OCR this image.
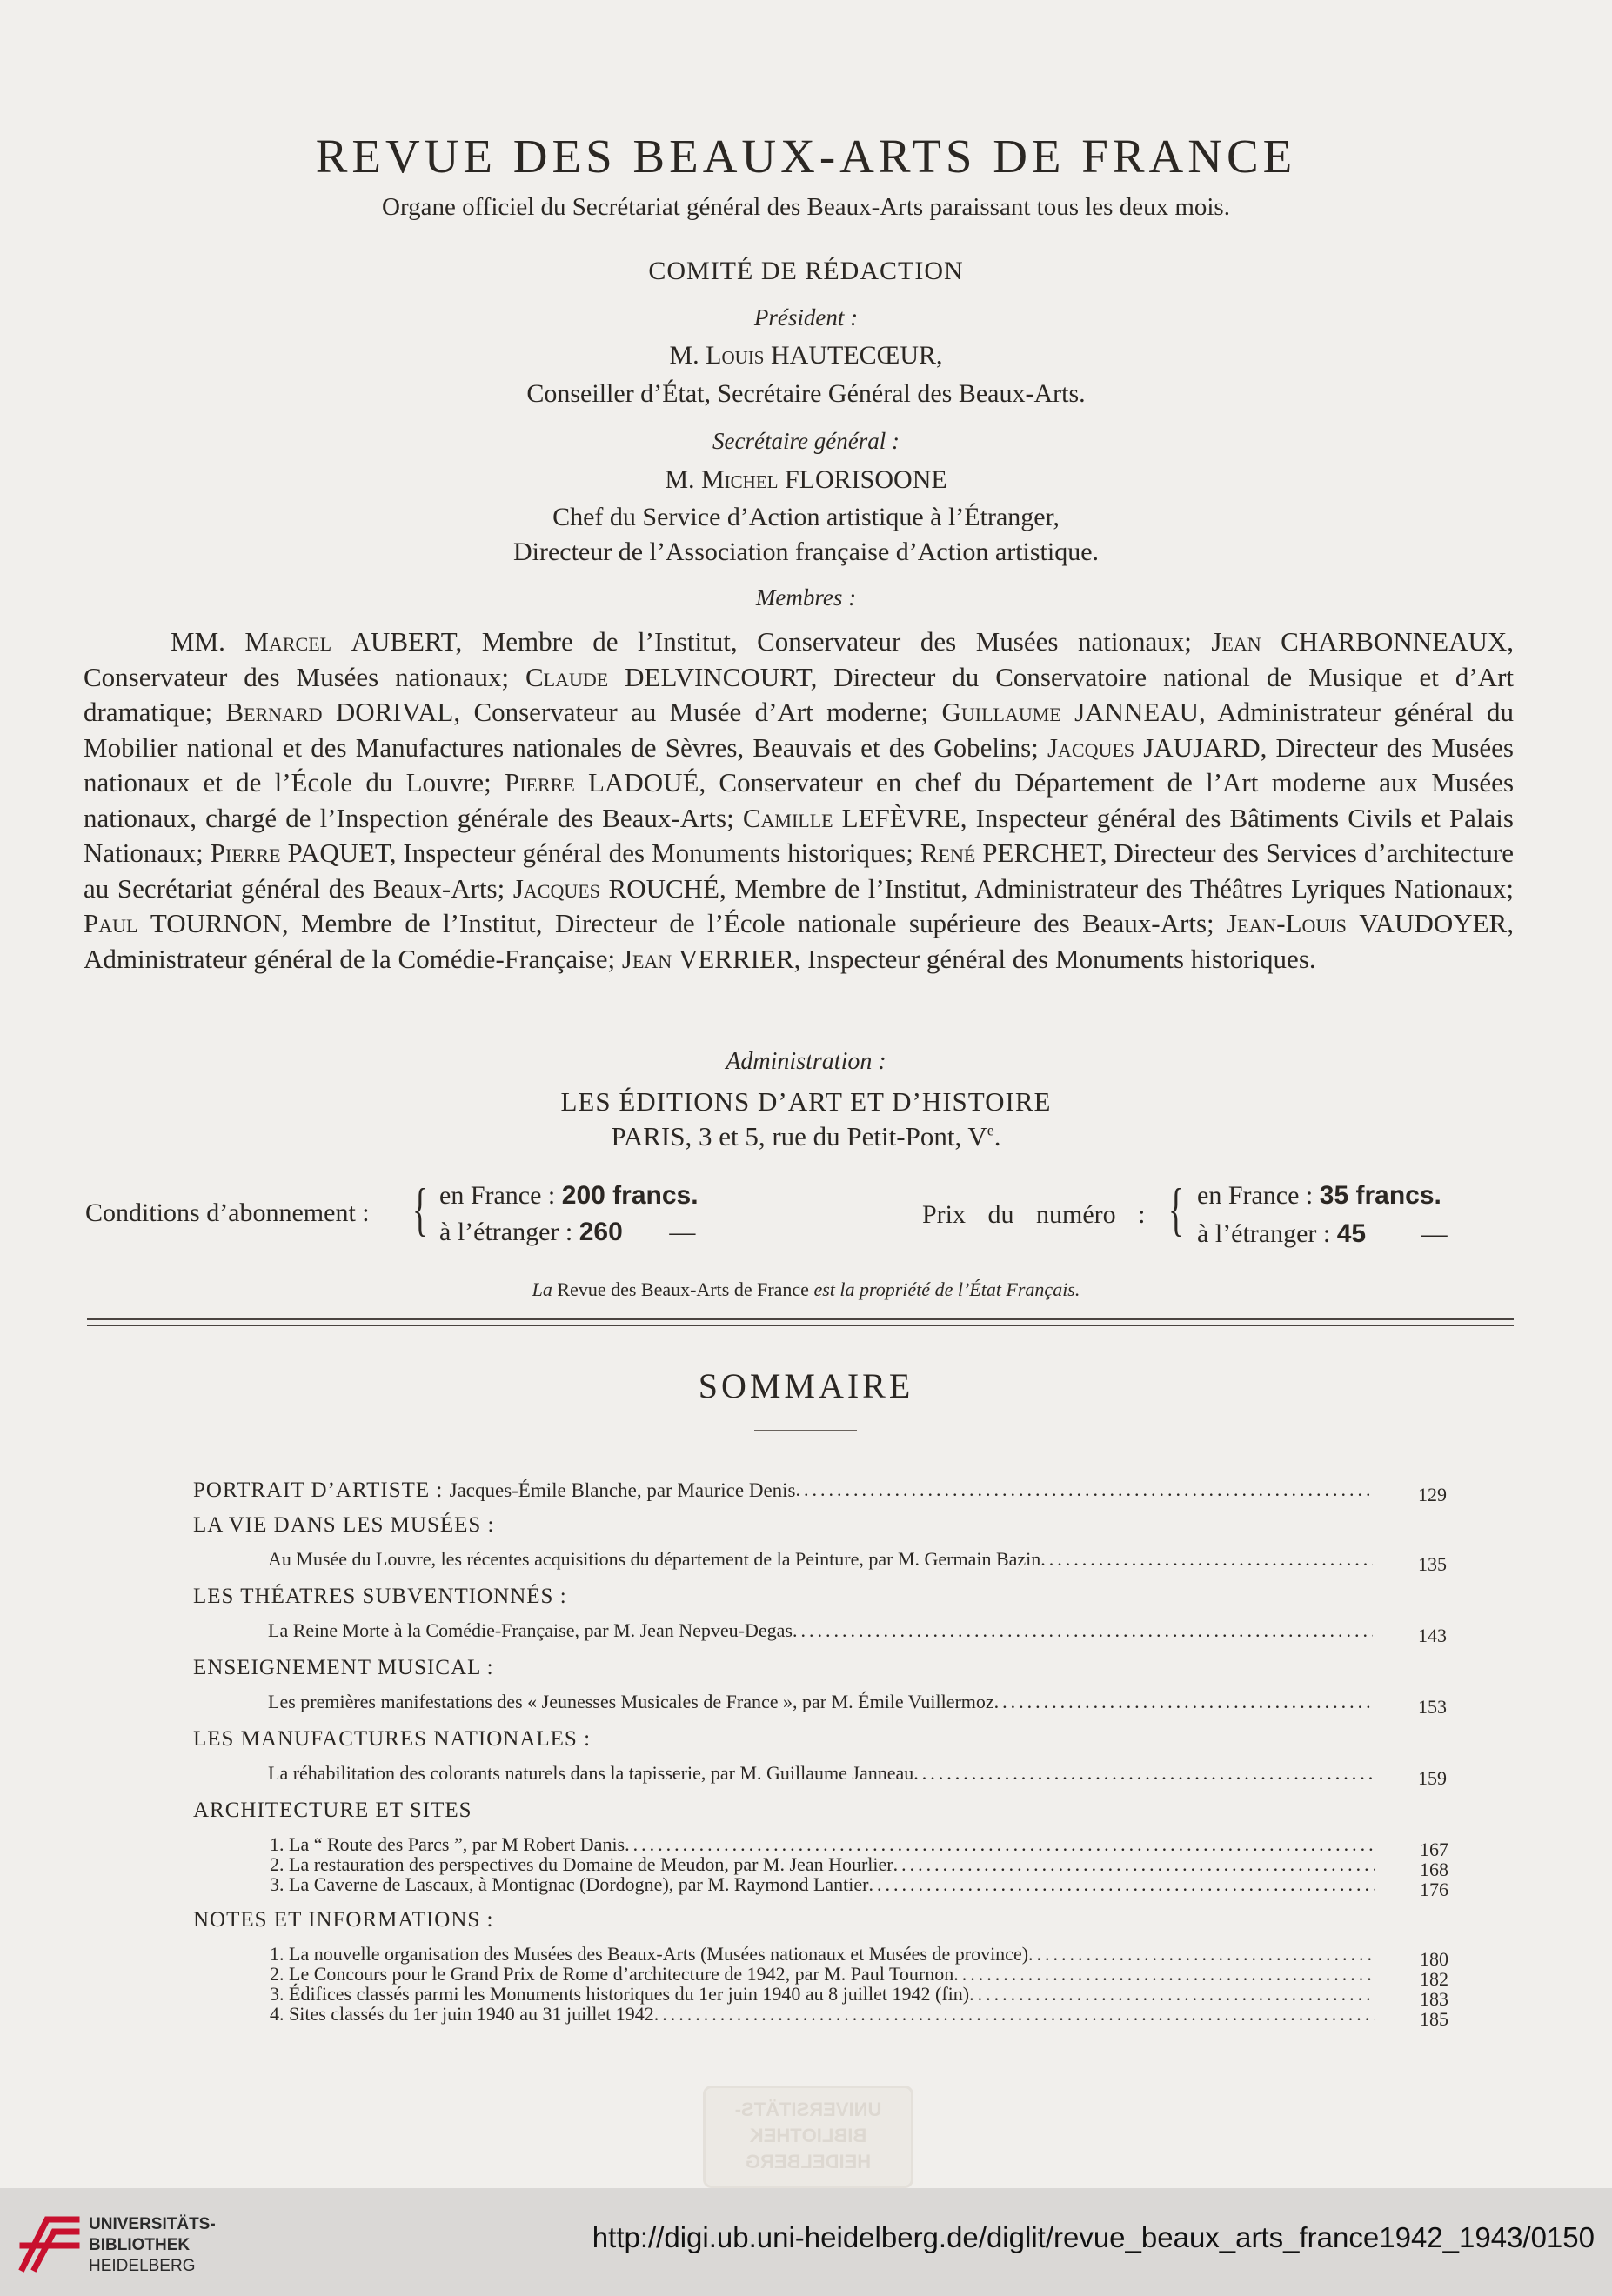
REVUE DES BEAUX-ARTS DE FRANCE
Organe officiel du Secrétariat général des Beaux-Arts paraissant tous les deux mois.
COMITÉ DE RÉDACTION
Président :
M. Louis HAUTECŒUR,
Conseiller d’État, Secrétaire Général des Beaux-Arts.
Secrétaire général :
M. Michel FLORISOONE
Chef du Service d’Action artistique à l’Étranger,
Directeur de l’Association française d’Action artistique.
Membres :

MM. Marcel AUBERT, Membre de l’Institut, Conservateur des Musées nationaux; Jean CHARBONNEAUX, Conservateur des Musées nationaux; Claude DELVINCOURT, Directeur du Conservatoire national de Musique et d’Art dramatique; Bernard DORIVAL, Conservateur au Musée d’Art moderne; Guillaume JANNEAU, Administrateur général du Mobilier national et des Manufactures nationales de Sèvres, Beauvais et des Gobelins; Jacques JAUJARD, Directeur des Musées nationaux et de l’École du Louvre; Pierre LADOUÉ, Conservateur en chef du Département de l’Art moderne aux Musées nationaux, chargé de l’Inspection générale des Beaux-Arts; Camille LEFÈVRE, Inspecteur général des Bâtiments Civils et Palais Nationaux; Pierre PAQUET, Inspecteur général des Monuments historiques; René PERCHET, Directeur des Services d’architecture au Secrétariat général des Beaux-Arts; Jacques ROUCHÉ, Membre de l’Institut, Administrateur des Théâtres Lyriques Nationaux; Paul TOURNON, Membre de l’Institut, Directeur de l’École nationale supérieure des Beaux-Arts; Jean-Louis VAUDOYER, Administrateur général de la Comédie-Française; Jean VERRIER, Inspecteur général des Monuments historiques.

Administration :
LES ÉDITIONS D’ART ET D’HISTOIRE
PARIS, 3 et 5, rue du Petit-Pont, Ve.
Conditions d’abonnement : { en France : 200 francs.
à l’étranger : 260 —
Prix du numéro : { en France : 35 francs.
à l’étranger : 45 —
La Revue des Beaux-Arts de France est la propriété de l’État Français.
SOMMAIRE
PORTRAIT D’ARTISTE : Jacques-Émile Blanche, par Maurice Denis .....	129
LA VIE DANS LES MUSÉES :
Au Musée du Louvre, les récentes acquisitions du département de la Peinture, par M. Germain Bazin .....	135
LES THÉATRES SUBVENTIONNÉS :
La Reine Morte à la Comédie-Française, par M. Jean Nepveu-Degas .....	143
ENSEIGNEMENT MUSICAL :
Les premières manifestations des « Jeunesses Musicales de France », par M. Émile Vuillermoz .....	153
LES MANUFACTURES NATIONALES :
La réhabilitation des colorants naturels dans la tapisserie, par M. Guillaume Janneau .....	159
ARCHITECTURE ET SITES
1. La “ Route des Parcs ”, par M Robert Danis .....	167
2. La restauration des perspectives du Domaine de Meudon, par M. Jean Hourlier .....	168
3. La Caverne de Lascaux, à Montignac (Dordogne), par M. Raymond Lantier .....	176
NOTES ET INFORMATIONS :
1. La nouvelle organisation des Musées des Beaux-Arts (Musées nationaux et Musées de province) .....	180
2. Le Concours pour le Grand Prix de Rome d’architecture de 1942, par M. Paul Tournon .....	182
3. Édifices classés parmi les Monuments historiques du 1er juin 1940 au 8 juillet 1942 (fin) .....	183
4. Sites classés du 1er juin 1940 au 31 juillet 1942 .....	185
UNIVERSITÄTS-
BIBLIOTHEK
HEIDELBERG
UNIVERSITÄTS-
BIBLIOTHEK
HEIDELBERG
http://digi.ub.uni-heidelberg.de/diglit/revue_beaux_arts_france1942_1943/0150
